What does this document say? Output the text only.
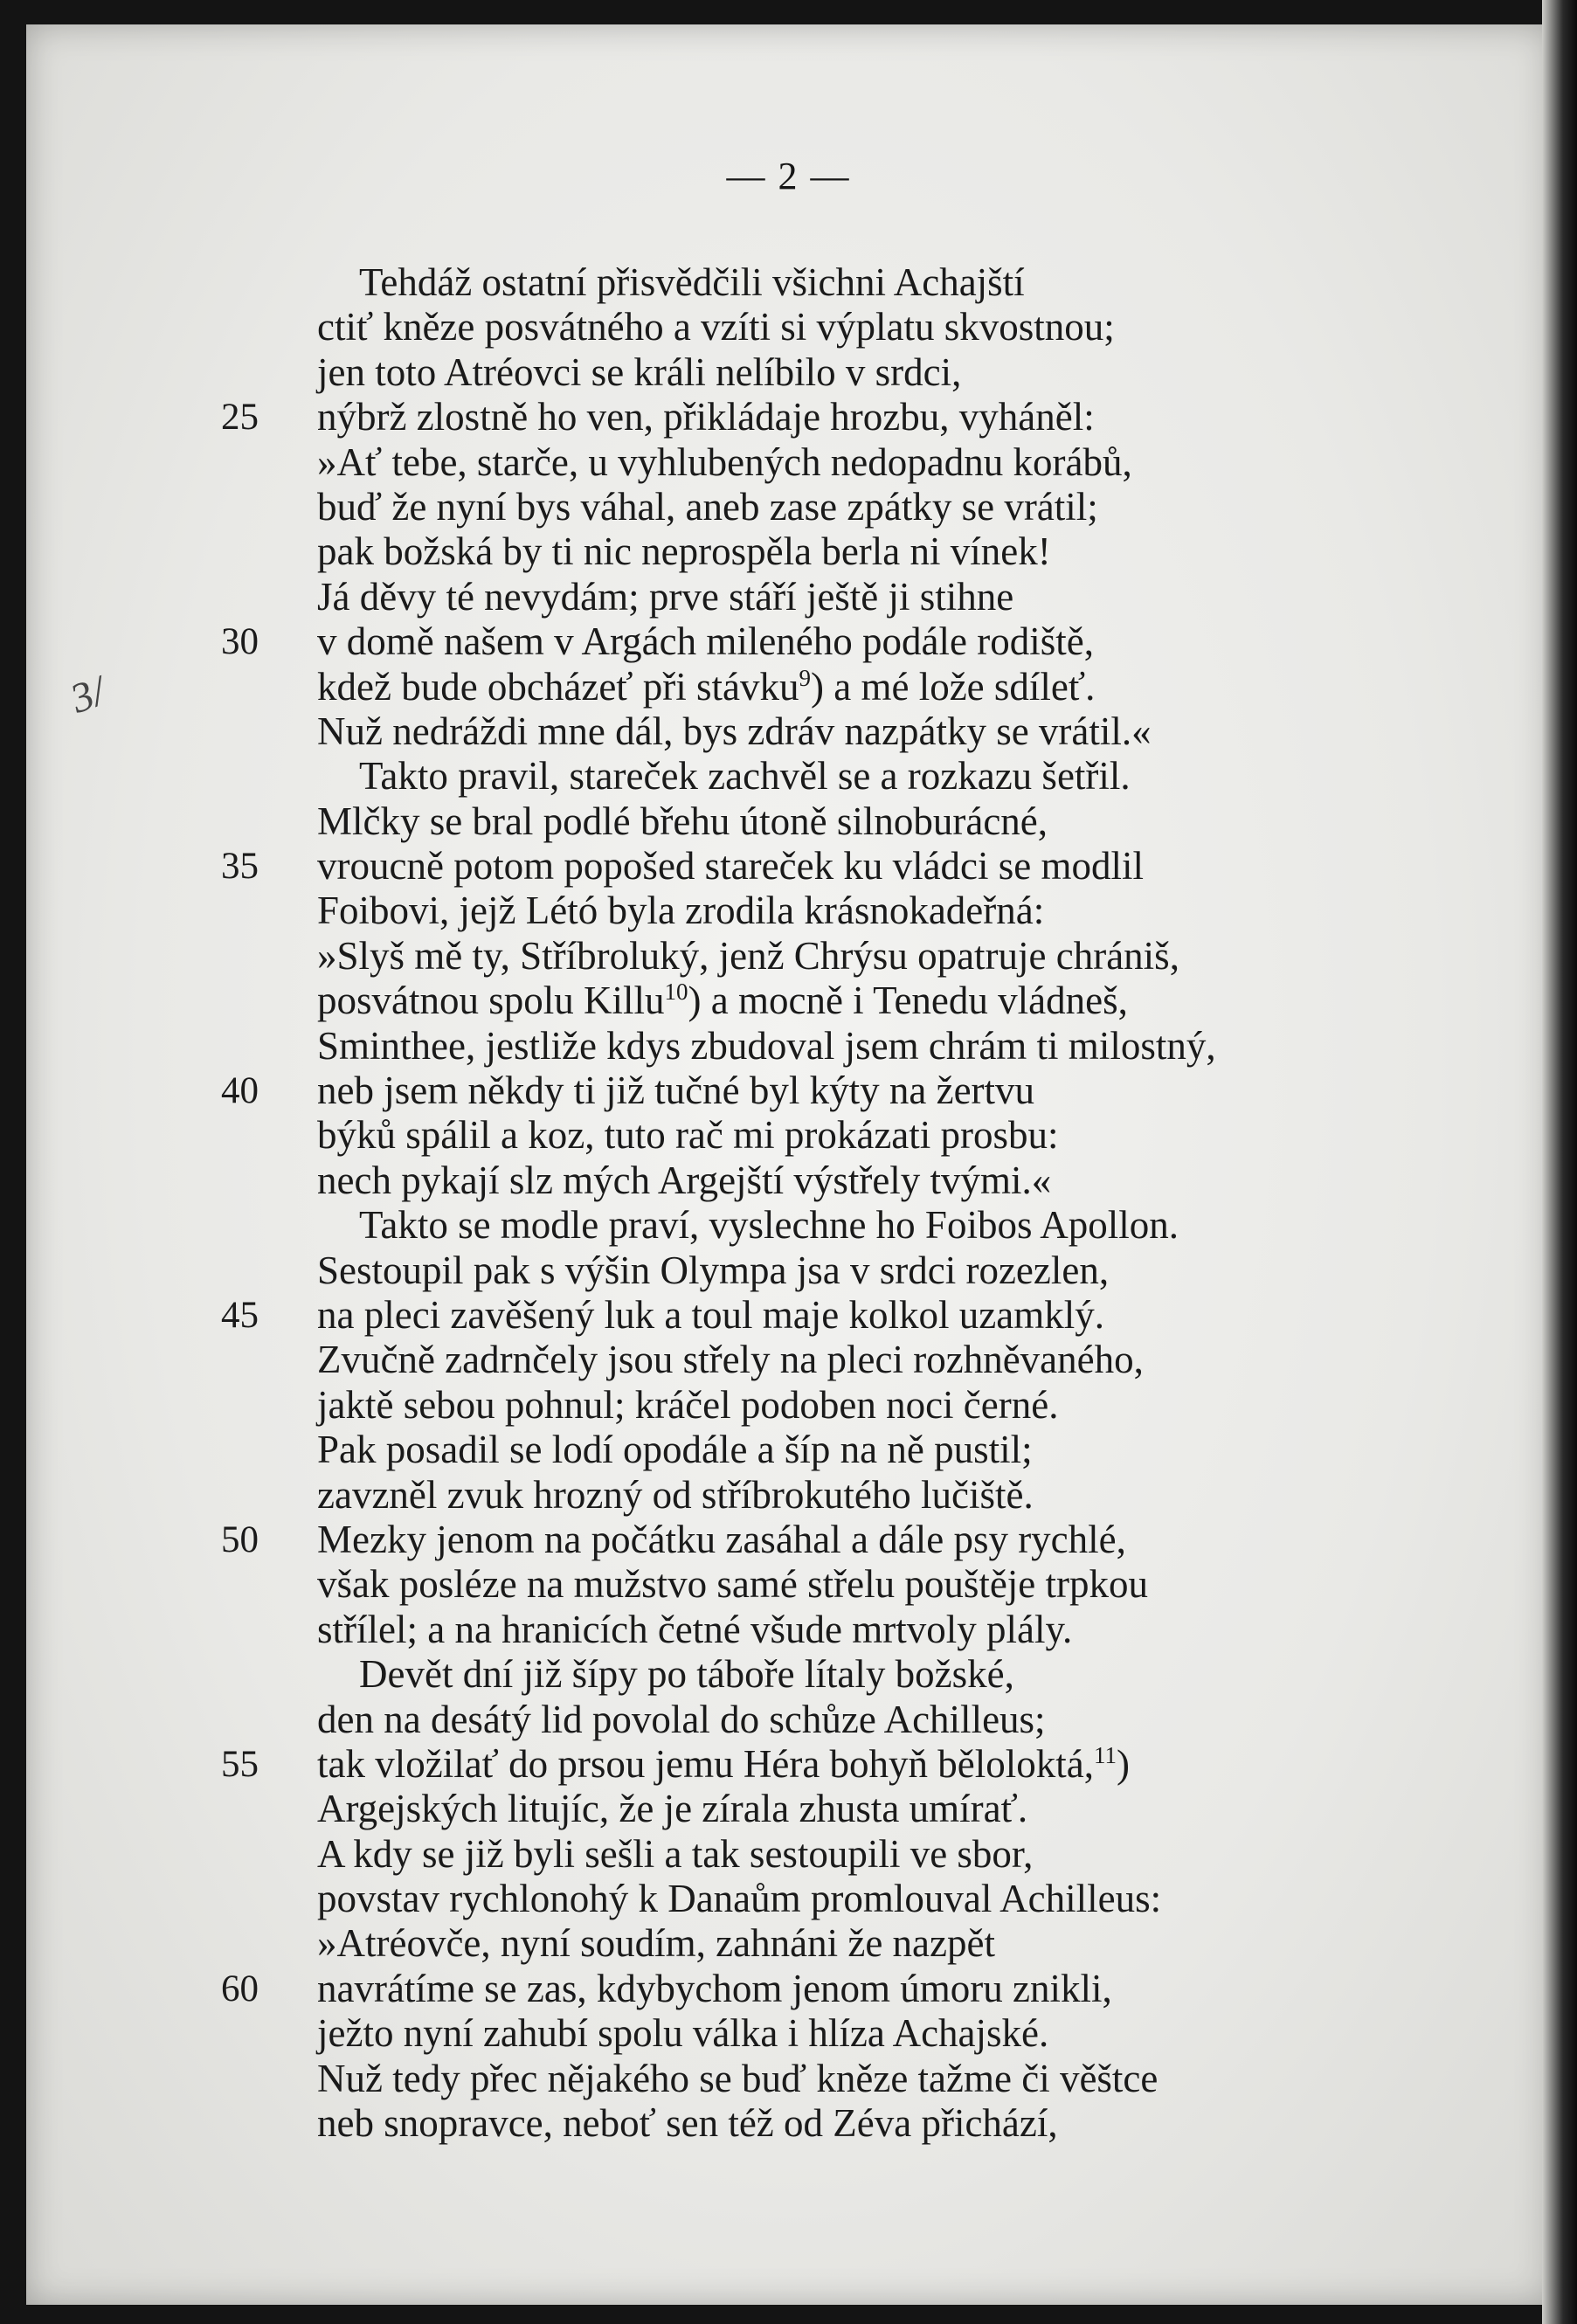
— 2 —
3/
Tehdáž ostatní přisvědčili všichni Achajští
ctiť kněze posvátného a vzíti si výplatu skvostnou;
jen toto Atréovci se králi nelíbilo v srdci,
25	nýbrž zlostně ho ven, přikládaje hrozbu, vyháněl:
»Ať tebe, starče, u vyhlubených nedopadnu korábů,
buď že nyní bys váhal, aneb zase zpátky se vrátil;
pak božská by ti nic neprospěla berla ni vínek!
Já děvy té nevydám; prve stáří ještě ji stihne
30	v domě našem v Argách mileného podále rodiště,
kdež bude obcházeť při stávku$^9$) a mé lože sdíleť.
Nuž nedráždi mne dál, bys zdráv nazpátky se vrátil.«
Takto pravil, stareček zachvěl se a rozkazu šetřil.
Mlčky se bral podlé břehu útoně silnoburácné,
35	vroucně potom popošed stareček ku vládci se modlil
Foibovi, jejž Létó byla zrodila krásnokadeřná:
»Slyš mě ty, Stříbroluký, jenž Chrýsu opatruje chrániš,
posvátnou spolu Killu$^{10}$) a mocně i Tenedu vládneš,
Sminthee, jestliže kdys zbudoval jsem chrám ti milostný,
40	neb jsem někdy ti již tučné byl kýty na žertvu
býků spálil a koz, tuto rač mi prokázati prosbu:
nech pykají slz mých Argejští výstřely tvými.«
Takto se modle praví, vyslechne ho Foibos Apollon.
Sestoupil pak s výšin Olympa jsa v srdci rozezlen,
45	na pleci zavěšený luk a toul maje kolkol uzamklý.
Zvučně zadrnčely jsou střely na pleci rozhněvaného,
jaktě sebou pohnul; kráčel podoben noci černé.
Pak posadil se lodí opodále a šíp na ně pustil;
zavzněl zvuk hrozný od stříbrokutého lučiště.
50	Mezky jenom na počátku zasáhal a dále psy rychlé,
však posléze na mužstvo samé střelu pouštěje trpkou
střílel; a na hranicích četné všude mrtvoly plály.
Devět dní již šípy po táboře lítaly božské,
den na desátý lid povolal do schůze Achilleus;
55	tak vložilať do prsou jemu Héra bohyň běloloktá,$^{11}$)
Argejských litujíc, že je zírala zhusta umírať.
A kdy se již byli sešli a tak sestoupili ve sbor,
povstav rychlonohý k Danaům promlouval Achilleus:
»Atréovče, nyní soudím, zahnáni že nazpět
60	navrátíme se zas, kdybychom jenom úmoru znikli,
ježto nyní zahubí spolu válka i hlíza Achajské.
Nuž tedy přec nějakého se buď kněze tažme či věštce
neb snopravce, neboť sen též od Zéva přichází,
